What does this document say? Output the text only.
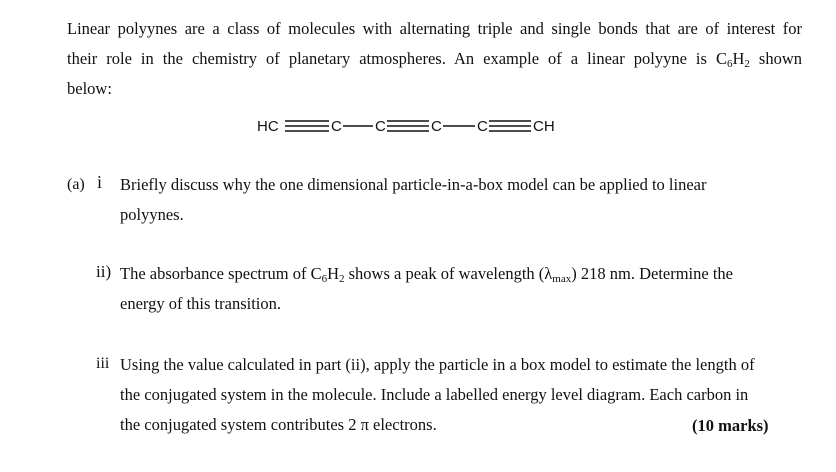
Linear polyynes are a class of molecules with alternating triple and single bonds that are of interest for
their role in the chemistry of planetary atmospheres. An example of a linear polyyne is $C_6H_2$ shown
below:
HC	C C	C C	CH
(a) i Briefly discuss why the one dimensional particle-in-a-box model can be applied to linear
polyynes.
ii) The absorbance spectrum of $C_6H_2$ shows a peak of wavelength $(\lambda_{max})$ 218 nm. Determine the
energy of this transition.
iii Using the value calculated in part (ii), apply the particle in a box model to estimate the length of
the conjugated system in the molecule. Include a labelled energy level diagram. Each carbon in
the conjugated system contributes 2 π electrons.	(10 marks)
